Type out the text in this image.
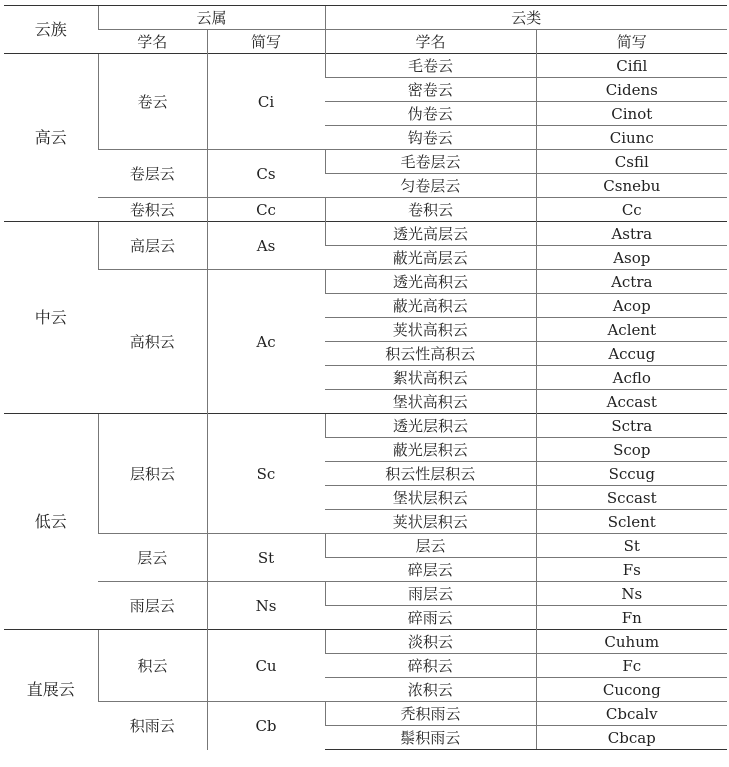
云族	云属		云类	
	学名	简写	学名	简写
高云	卷云	Ci	毛卷云	Cifil
			密卷云	Cidens
			伪卷云	Cinot
			钩卷云	Ciunc
	卷层云	Cs	毛卷层云	Csfil
			匀卷层云	Csnebu
	卷积云	Cc	卷积云	Cc
中云	高层云	As	透光高层云	Astra
			蔽光高层云	Asop
	高积云	Ac	透光高积云	Actra
			蔽光高积云	Acop
			荚状高积云	Aclent
			积云性高积云	Accug
			絮状高积云	Acflo
			堡状高积云	Accast
低云	层积云	Sc	透光层积云	Sctra
			蔽光层积云	Scop
			积云性层积云	Sccug
			堡状层积云	Sccast
			荚状层积云	Sclent
	层云	St	层云	St
			碎层云	Fs
	雨层云	Ns	雨层云	Ns
			碎雨云	Fn
直展云	积云	Cu	淡积云	Cuhum
			碎积云	Fc
			浓积云	Cucong
	积雨云	Cb	秃积雨云	Cbcalv
			鬃积雨云	Cbcap
